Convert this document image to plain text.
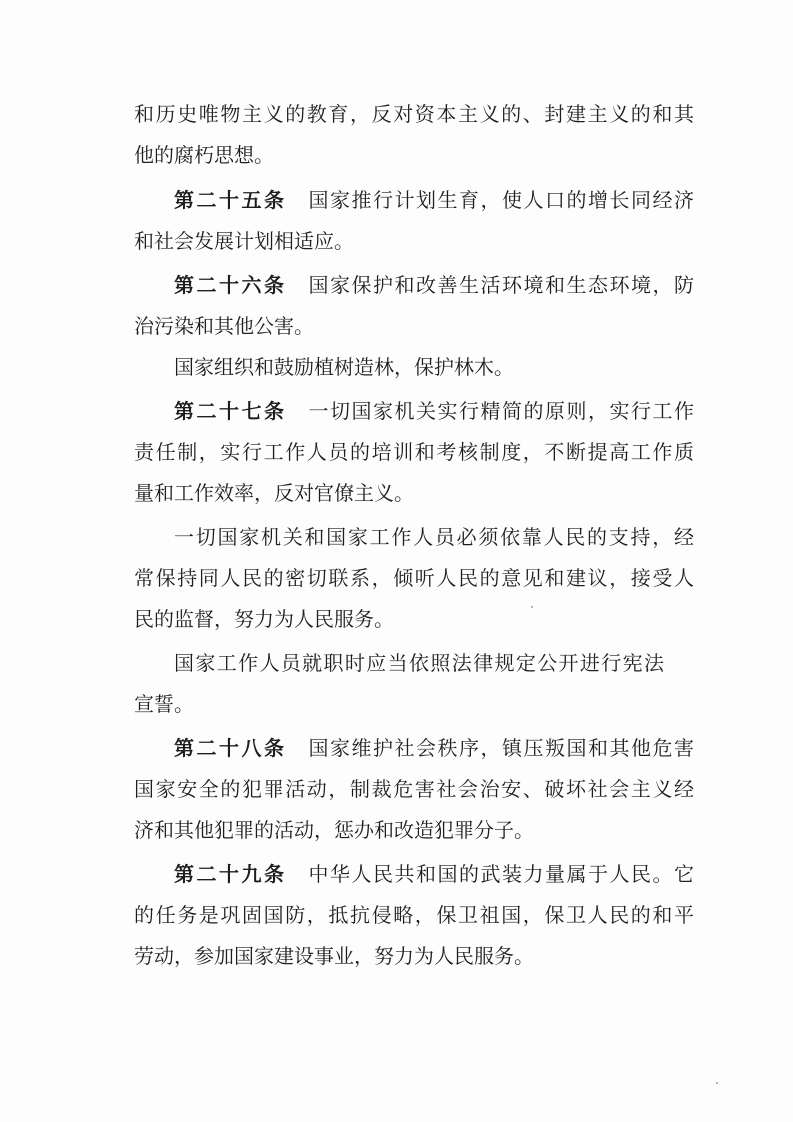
和历史唯物主义的教育，反对资本主义的、封建主义的和其
他的腐朽思想。
第二十五条 国家推行计划生育，使人口的增长同经济
和社会发展计划相适应。
第二十六条 国家保护和改善生活环境和生态环境，防
治污染和其他公害。
国家组织和鼓励植树造林，保护林木。
第二十七条 一切国家机关实行精简的原则，实行工作
责任制，实行工作人员的培训和考核制度，不断提高工作质
量和工作效率，反对官僚主义。
一切国家机关和国家工作人员必须依靠人民的支持，经
常保持同人民的密切联系，倾听人民的意见和建议，接受人
民的监督，努力为人民服务。
国家工作人员就职时应当依照法律规定公开进行宪法
宣誓。
第二十八条 国家维护社会秩序，镇压叛国和其他危害
国家安全的犯罪活动，制裁危害社会治安、破坏社会主义经
济和其他犯罪的活动，惩办和改造犯罪分子。
第二十九条 中华人民共和国的武装力量属于人民。它
的任务是巩固国防，抵抗侵略，保卫祖国，保卫人民的和平
劳动，参加国家建设事业，努力为人民服务。
